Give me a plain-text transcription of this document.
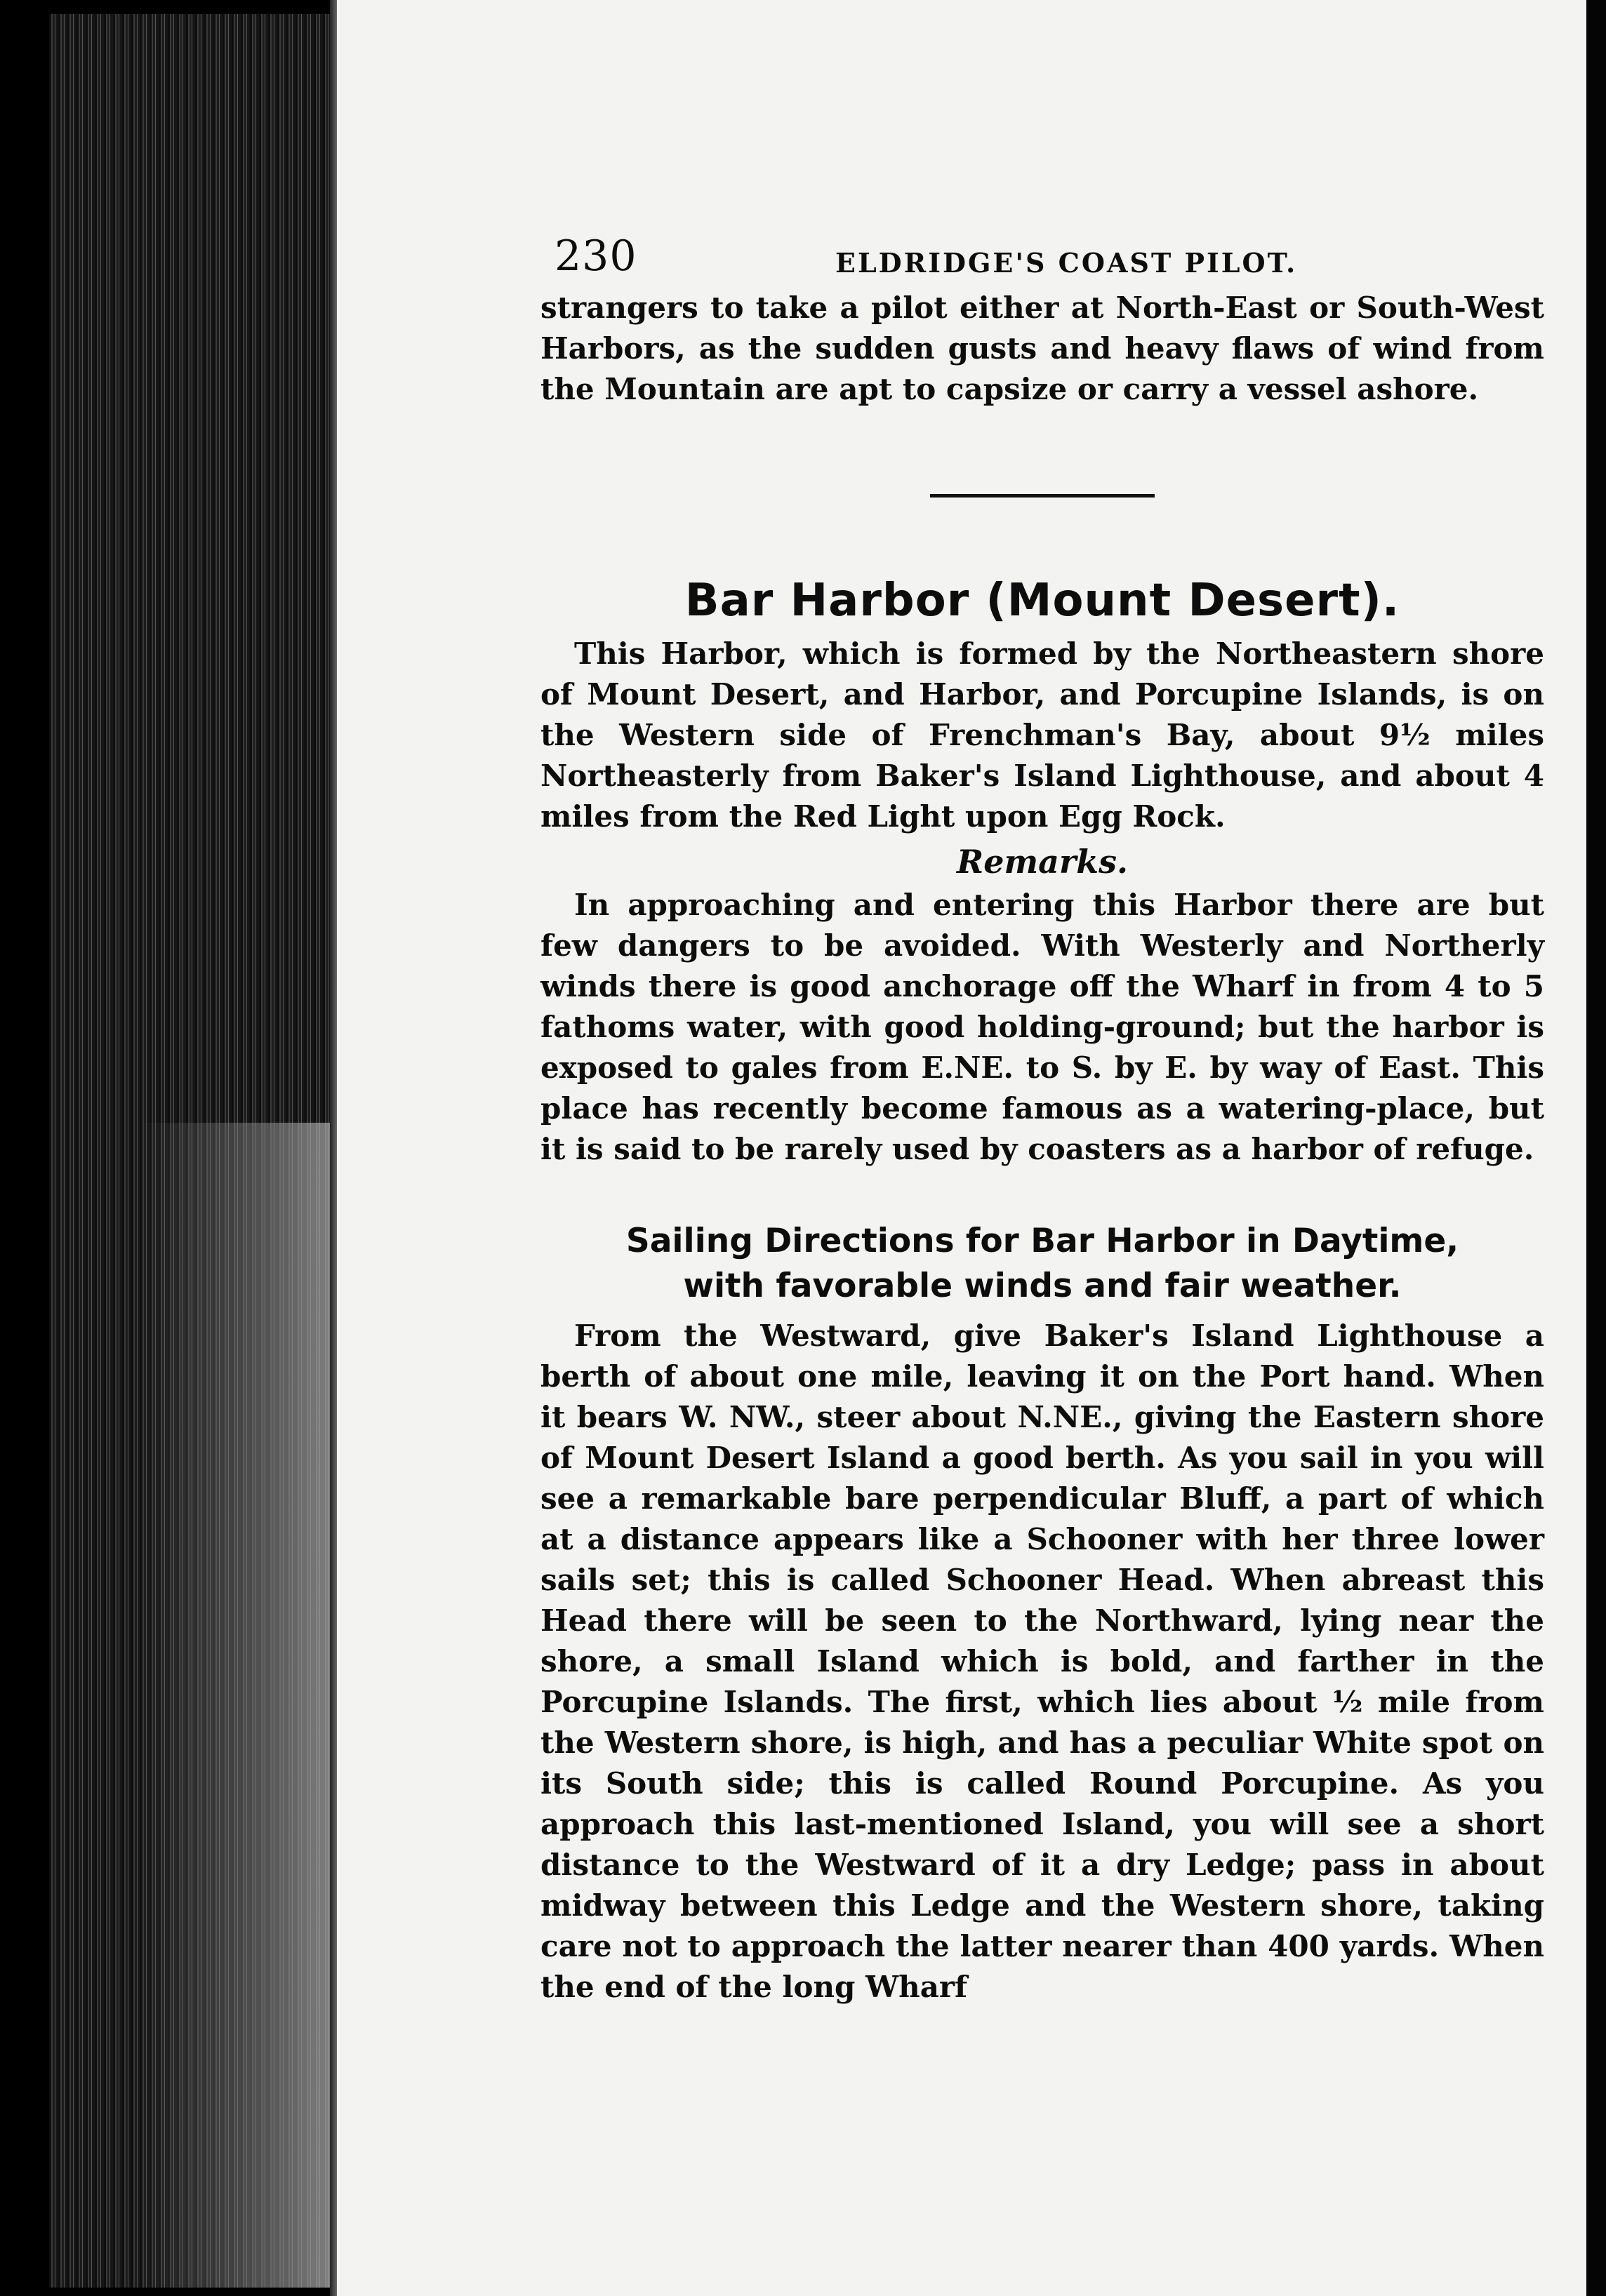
230	ELDRIDGE'S COAST PILOT.

strangers to take a pilot either at North-East or South-West Harbors, as the sudden gusts and heavy flaws of wind from the Mountain are apt to capsize or carry a vessel ashore.

Bar Harbor (Mount Desert).

This Harbor, which is formed by the Northeastern shore of Mount Desert, and Harbor, and Porcupine Islands, is on the Western side of Frenchman's Bay, about 9½ miles Northeasterly from Baker's Island Lighthouse, and about 4 miles from the Red Light upon Egg Rock.

Remarks.

In approaching and entering this Harbor there are but few dangers to be avoided. With Westerly and Northerly winds there is good anchorage off the Wharf in from 4 to 5 fathoms water, with good holding-ground; but the harbor is exposed to gales from E.NE. to S. by E. by way of East. This place has recently become famous as a watering-place, but it is said to be rarely used by coasters as a harbor of refuge.

Sailing Directions for Bar Harbor in Daytime,
with favorable winds and fair weather.

From the Westward, give Baker's Island Lighthouse a berth of about one mile, leaving it on the Port hand. When it bears W. NW., steer about N.NE., giving the Eastern shore of Mount Desert Island a good berth. As you sail in you will see a remarkable bare perpendicular Bluff, a part of which at a distance appears like a Schooner with her three lower sails set; this is called Schooner Head. When abreast this Head there will be seen to the Northward, lying near the shore, a small Island which is bold, and farther in the Porcupine Islands. The first, which lies about ½ mile from the Western shore, is high, and has a peculiar White spot on its South side; this is called Round Porcupine. As you approach this last-mentioned Island, you will see a short distance to the Westward of it a dry Ledge; pass in about midway between this Ledge and the Western shore, taking care not to approach the latter nearer than 400 yards. When the end of the long Wharf
